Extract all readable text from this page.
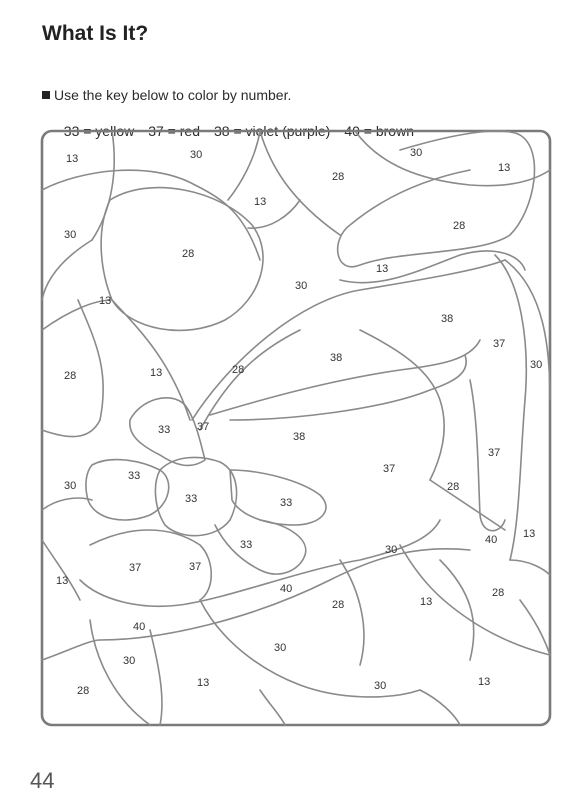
What Is It?
Use the key below to color by number.

33 = yellow 37 = red 38 = violet (purple) 40 = brown

13	30
28
30
13
13
28
30
28
13
30
13
28
38
37
30
38
28
13
30
33 37
38
37
37
30
33
33
28
33
33	40 13
13
37	37
30
40
28	13
28
40
30
28
13	30	13
44
